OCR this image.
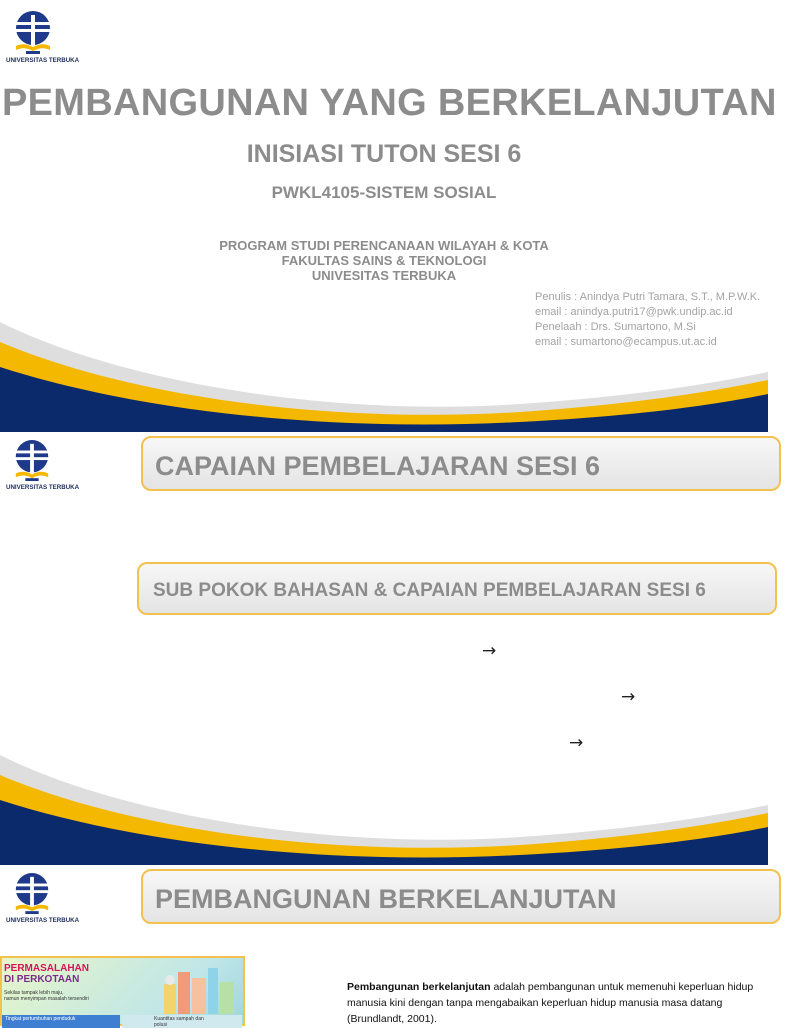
UNIVERSITAS TERBUKA
PEMBANGUNAN YANG BERKELANJUTAN
INISIASI TUTON SESI 6
PWKL4105-SISTEM SOSIAL
PROGRAM STUDI PERENCANAAN WILAYAH & KOTA
FAKULTAS SAINS & TEKNOLOGI
UNIVESITAS TERBUKA
Penulis : Anindya Putri Tamara, S.T., M.P.W.K.
email : anindya.putri17@pwk.undip.ac.id
Penelaah : Drs. Sumartono, M.Si
email : sumartono@ecampus.ut.ac.id
UNIVERSITAS TERBUKA
CAPAIAN PEMBELAJARAN SESI 6
SUB POKOK BAHASAN & CAPAIAN PEMBELAJARAN SESI 6
→
→
→
UNIVERSITAS TERBUKA
PEMBANGUNAN BERKELANJUTAN
PERMASALAHAN
DI PERKOTAAN
Sekilas tampak lebih maju,
namun menyimpan masalah tersendiri
Tingkat pertumbuhan penduduk	Kuantitas sampah dan polusi
Pembangunan berkelanjutan adalah pembangunan untuk memenuhi keperluan hidup manusia kini dengan tanpa mengabaikan keperluan hidup manusia masa datang (Brundlandt, 2001).
